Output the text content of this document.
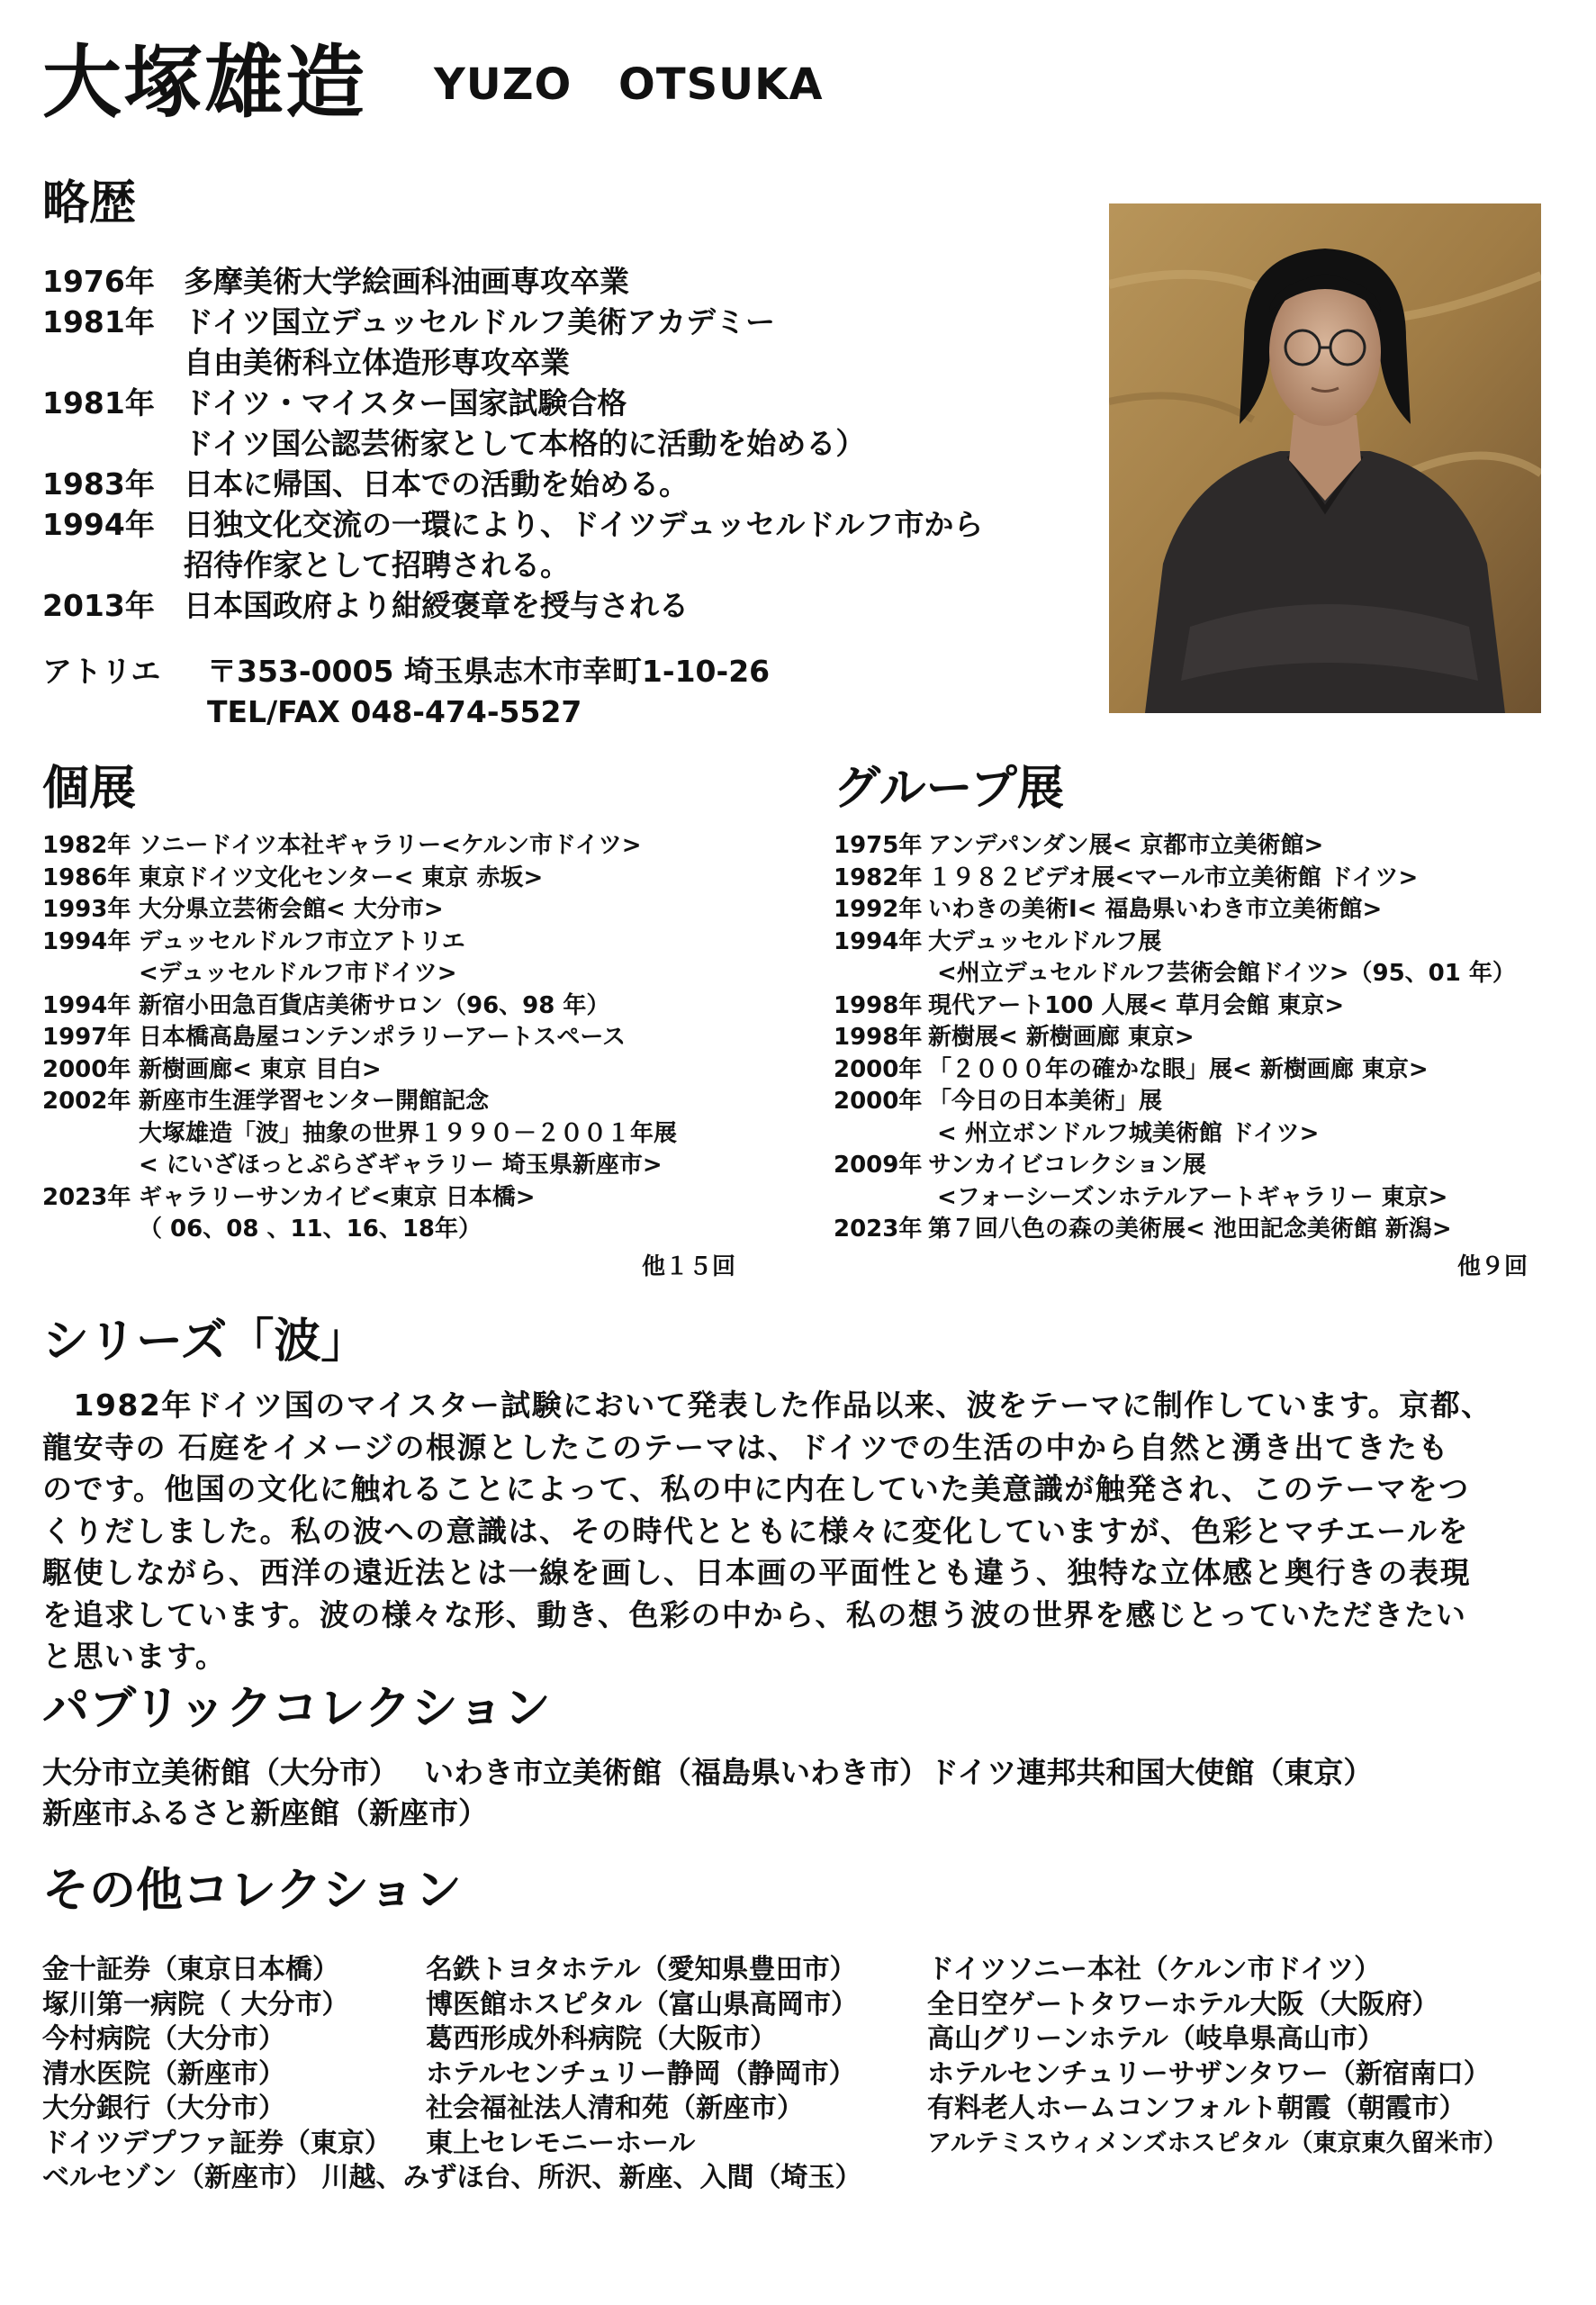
大塚雄造 YUZO OTSUKA
略歴
1976年 多摩美術大学絵画科油画専攻卒業
1981年 ドイツ国立デュッセルドルフ美術アカデミー
自由美術科立体造形専攻卒業
1981年 ドイツ・マイスター国家試験合格
ドイツ国公認芸術家として本格的に活動を始める）
1983年 日本に帰国、日本での活動を始める。
1994年 日独文化交流の一環により、ドイツデュッセルドルフ市から
招待作家として招聘される。
2013年 日本国政府より紺綬褒章を授与される
アトリエ 〒353-0005 埼玉県志木市幸町1-10-26
TEL/FAX 048-474-5527
個展
1982年 ソニードイツ本社ギャラリー<ケルン市ドイツ>
1986年 東京ドイツ文化センター< 東京 赤坂>
1993年 大分県立芸術会館< 大分市>
1994年 デュッセルドルフ市立アトリエ
<デュッセルドルフ市ドイツ>
1994年 新宿小田急百貨店美術サロン（96、98 年）
1997年 日本橋高島屋コンテンポラリーアートスペース
2000年 新樹画廊< 東京 目白>
2002年 新座市生涯学習センター開館記念
大塚雄造「波」抽象の世界１９９０－２００１年展
< にいざほっとぷらざギャラリー 埼玉県新座市>
2023年 ギャラリーサンカイビ<東京 日本橋>
（ 06、08 、11、16、18年）
他１５回
グループ展
1975年 アンデパンダン展< 京都市立美術館>
1982年 １９８２ビデオ展<マール市立美術館 ドイツ>
1992年 いわきの美術Ⅰ< 福島県いわき市立美術館>
1994年 大デュッセルドルフ展
<州立デュセルドルフ芸術会館ドイツ>（95、01 年）
1998年 現代アート100 人展< 草月会館 東京>
1998年 新樹展< 新樹画廊 東京>
2000年 「２０００年の確かな眼」展< 新樹画廊 東京>
2000年 「今日の日本美術」展
< 州立ボンドルフ城美術館 ドイツ>
2009年 サンカイビコレクション展
<フォーシーズンホテルアートギャラリー 東京>
2023年 第７回八色の森の美術展< 池田記念美術館 新潟>
他９回
シリーズ「波」
　1982年ドイツ国のマイスター試験において発表した作品以来、波をテーマに制作しています。京都、
龍安寺の 石庭をイメージの根源としたこのテーマは、ドイツでの生活の中から自然と湧き出てきたも
のです。他国の文化に触れることによって、私の中に内在していた美意識が触発され、このテーマをつ
くりだしました。私の波への意識は、その時代とともに様々に変化していますが、色彩とマチエールを
駆使しながら、西洋の遠近法とは一線を画し、日本画の平面性とも違う、独特な立体感と奥行きの表現
を追求しています。波の様々な形、動き、色彩の中から、私の想う波の世界を感じとっていただきたい
と思います。
パブリックコレクション
大分市立美術館（大分市）　 いわき市立美術館（福島県いわき市）ドイツ連邦共和国大使館（東京）
新座市ふるさと新座館（新座市）
その他コレクション
金十証券（東京日本橋）
塚川第一病院（ 大分市）
今村病院（大分市）
清水医院（新座市）
大分銀行（大分市）
ドイツデプファ証券（東京）
名鉄トヨタホテル（愛知県豊田市）
博医館ホスピタル（富山県高岡市）
葛西形成外科病院（大阪市）
ホテルセンチュリー静岡（静岡市）
社会福祉法人清和苑（新座市）
東上セレモニーホール
ドイツソニー本社（ケルン市ドイツ）
全日空ゲートタワーホテル大阪（大阪府）
高山グリーンホテル（岐阜県高山市）
ホテルセンチュリーサザンタワー（新宿南口）
有料老人ホームコンフォルト朝霞（朝霞市）
アルテミスウィメンズホスピタル（東京東久留米市）
ベルセゾン（新座市） 川越、みずほ台、所沢、新座、入間（埼玉）
